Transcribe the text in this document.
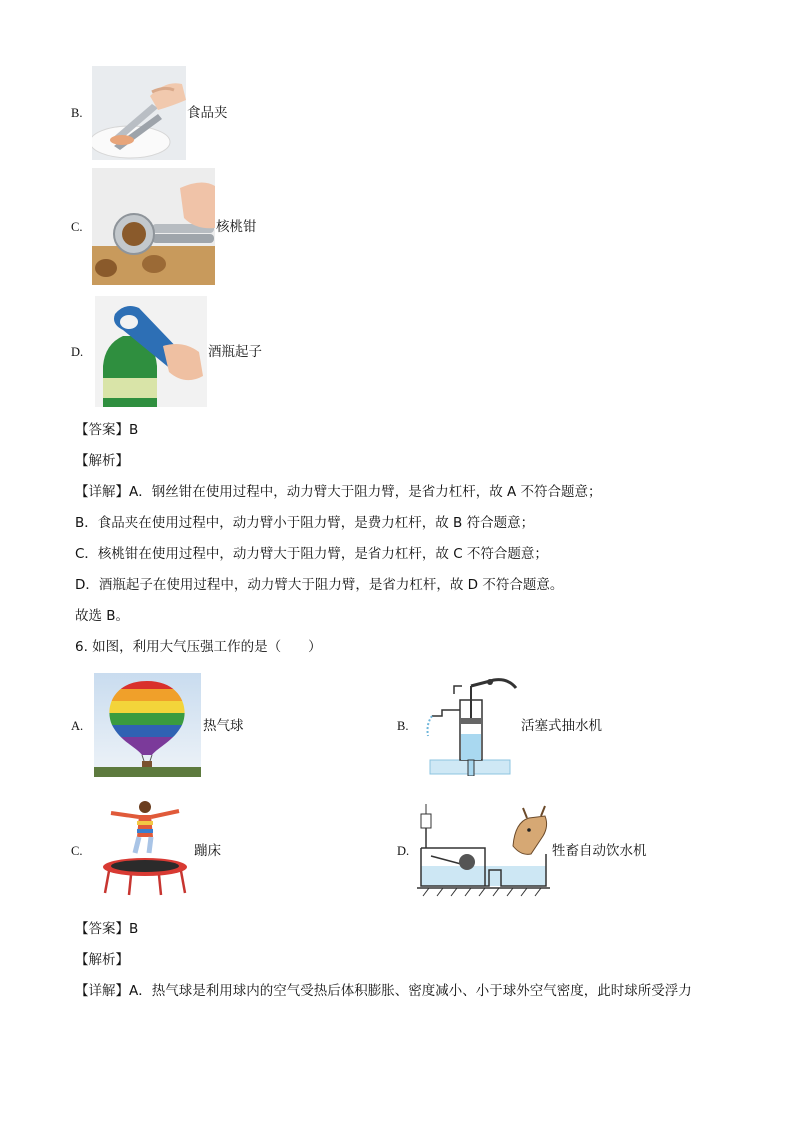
B.	食品夹
C.	核桃钳
D.	酒瓶起子
【答案】B
【解析】
【详解】A．钢丝钳在使用过程中，动力臂大于阻力臂，是省力杠杆，故 A 不符合题意；
B．食品夹在使用过程中，动力臂小于阻力臂，是费力杠杆，故 B 符合题意；
C．核桃钳在使用过程中，动力臂大于阻力臂，是省力杠杆，故 C 不符合题意；
D．酒瓶起子在使用过程中，动力臂大于阻力臂，是省力杠杆，故 D 不符合题意。
故选 B。
6. 如图，利用大气压强工作的是（　　）
A.	热气球	B.	活塞式抽水机
C.	蹦床	D.	牲畜自动饮水机
【答案】B
【解析】
【详解】A．热气球是利用球内的空气受热后体积膨胀、密度减小、小于球外空气密度，此时球所受浮力
